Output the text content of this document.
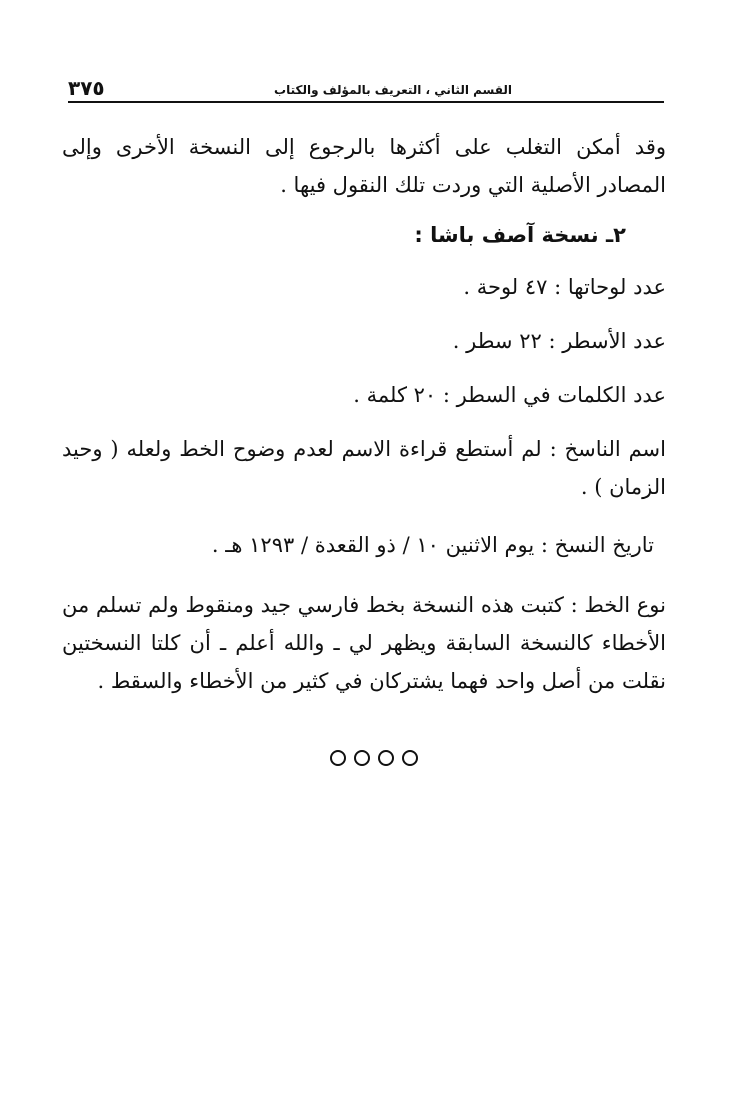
القسم الثاني ، التعريف بالمؤلف والكتاب
٣٧٥

وقد أمكن التغلب على أكثرها بالرجوع إلى النسخة الأخرى وإلى المصادر الأصلية التي وردت تلك النقول فيها .

٢ـ نسخة آصف باشا :

عدد لوحاتها : ٤٧ لوحة .

عدد الأسطر : ٢٢ سطر .

عدد الكلمات في السطر : ٢٠ كلمة .

اسم الناسخ : لم أستطع قراءة الاسم لعدم وضوح الخط ولعله ( وحيد الزمان ) .

تاريخ النسخ : يوم الاثنين ١٠ / ذو القعدة / ١٢٩٣ هـ .

نوع الخط : كتبت هذه النسخة بخط فارسي جيد ومنقوط ولم تسلم من الأخطاء كالنسخة السابقة ويظهر لي ـ والله أعلم ـ أن كلتا النسختين نقلت من أصل واحد فهما يشتركان في كثير من الأخطاء والسقط .
